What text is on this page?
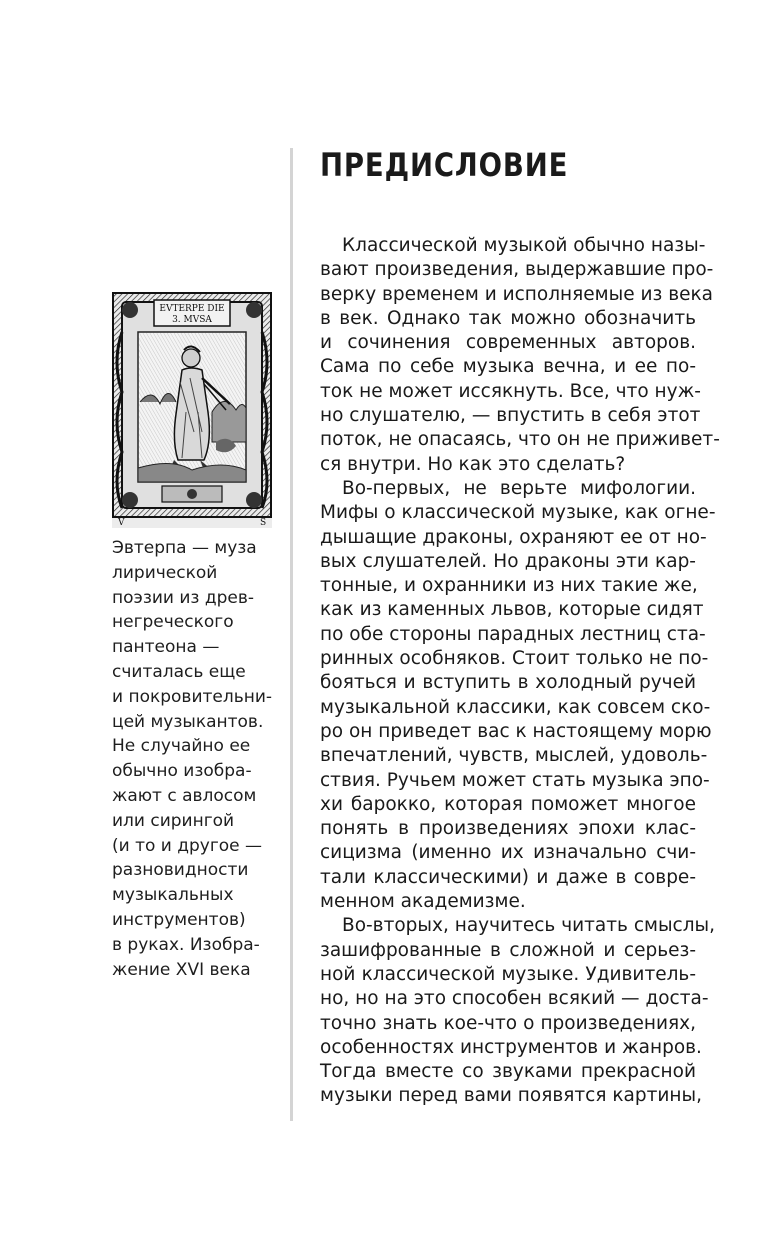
ПРЕДИСЛОВИЕ
Классической музыкой обычно назы-
вают произведения, выдержавшие про-
верку временем и исполняемые из века
в век. Однако так можно обозначить
и сочинения современных авторов.
Сама по себе музыка вечна, и ее по-
ток не может иссякнуть. Все, что нуж-
но слушателю, — впустить в себя этот
поток, не опасаясь, что он не приживет-
ся внутри. Но как это сделать?
Во-первых, не верьте мифологии.
Мифы о классической музыке, как огне-
дышащие драконы, охраняют ее от но-
вых слушателей. Но драконы эти кар-
тонные, и охранники из них такие же,
как из каменных львов, которые сидят
по обе стороны парадных лестниц ста-
ринных особняков. Стоит только не по-
бояться и вступить в холодный ручей
музыкальной классики, как совсем ско-
ро он приведет вас к настоящему морю
впечатлений, чувств, мыслей, удоволь-
ствия. Ручьем может стать музыка эпо-
хи барокко, которая поможет многое
понять в произведениях эпохи клас-
сицизма (именно их изначально счи-
тали классическими) и даже в совре-
менном академизме.
Во-вторых, научитесь читать смыслы,
зашифрованные в сложной и серьез-
ной классической музыке. Удивитель-
но, но на это способен всякий — доста-
точно знать кое-что о произведениях,
особенностях инструментов и жанров.
Тогда вместе со звуками прекрасной
музыки перед вами появятся картины,
EVTERPE DIE
3. MVSA
V	S
Эвтерпа — муза
лирической
поэзии из древ-
негреческого
пантеона —
считалась еще
и покровительни-
цей музыкантов.
Не случайно ее
обычно изобра-
жают с авлосом
или сирингой
(и то и другое —
разновидности
музыкальных
инструментов)
в руках. Изобра-
жение XVI века
